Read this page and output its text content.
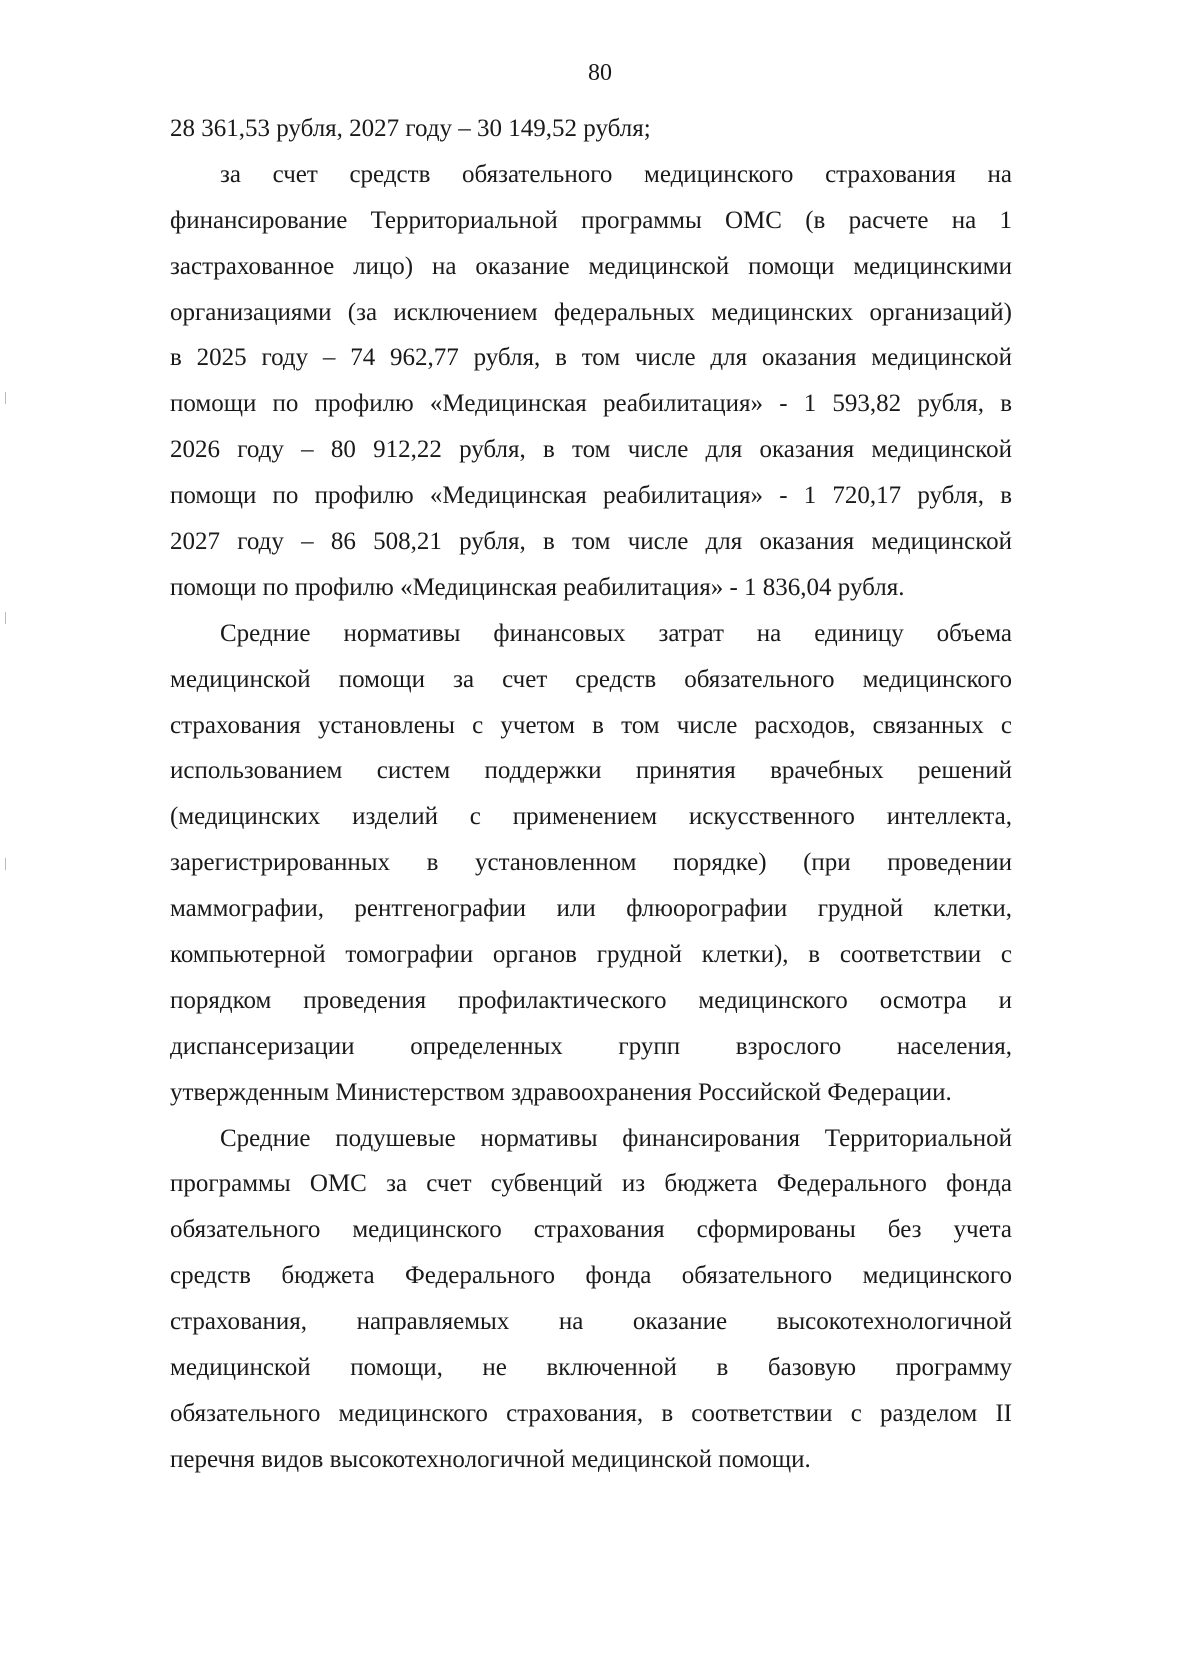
80
28 361,53 рубля, 2027 году – 30 149,52 рубля;
за счет средств обязательного медицинского страхования на
финансирование Территориальной программы ОМС (в расчете на 1
застрахованное лицо) на оказание медицинской помощи медицинскими
организациями (за исключением федеральных медицинских организаций)
в 2025 году – 74 962,77 рубля, в том числе для оказания медицинской
помощи по профилю «Медицинская реабилитация» - 1 593,82 рубля, в
2026 году – 80 912,22 рубля, в том числе для оказания медицинской
помощи по профилю «Медицинская реабилитация» - 1 720,17 рубля, в
2027 году – 86 508,21 рубля, в том числе для оказания медицинской
помощи по профилю «Медицинская реабилитация» - 1 836,04 рубля.
Средние нормативы финансовых затрат на единицу объема
медицинской помощи за счет средств обязательного медицинского
страхования установлены с учетом в том числе расходов, связанных с
использованием систем поддержки принятия врачебных решений
(медицинских изделий с применением искусственного интеллекта,
зарегистрированных в установленном порядке) (при проведении
маммографии, рентгенографии или флюорографии грудной клетки,
компьютерной томографии органов грудной клетки), в соответствии с
порядком проведения профилактического медицинского осмотра и
диспансеризации определенных групп взрослого населения,
утвержденным Министерством здравоохранения Российской Федерации.
Средние подушевые нормативы финансирования Территориальной
программы ОМС за счет субвенций из бюджета Федерального фонда
обязательного медицинского страхования сформированы без учета
средств бюджета Федерального фонда обязательного медицинского
страхования, направляемых на оказание высокотехнологичной
медицинской помощи, не включенной в базовую программу
обязательного медицинского страхования, в соответствии с разделом II
перечня видов высокотехнологичной медицинской помощи.
